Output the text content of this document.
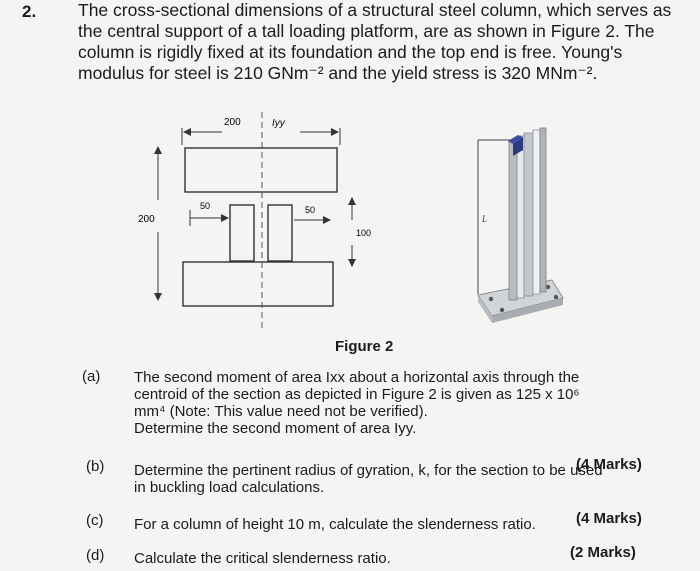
2. The cross-sectional dimensions of a structural steel column, which serves as
the central support of a tall loading platform, are as shown in Figure 2. The
column is rigidly fixed at its foundation and the top end is free. Young's
modulus for steel is 210 GNm⁻² and the yield stress is 320 MNm⁻².
200	Iyy
200
50	50
100
L
Figure 2
(a) The second moment of area Ixx about a horizontal axis through the
centroid of the section as depicted in Figure 2 is given as 125 x 10⁶
mm⁴ (Note: This value need not be verified).
Determine the second moment of area Iyy.
(4 Marks)
(b) Determine the pertinent radius of gyration, k, for the section to be used
in buckling load calculations.
(4 Marks)
(c) For a column of height 10 m, calculate the slenderness ratio.
(2 Marks)
(d) Calculate the critical slenderness ratio.
